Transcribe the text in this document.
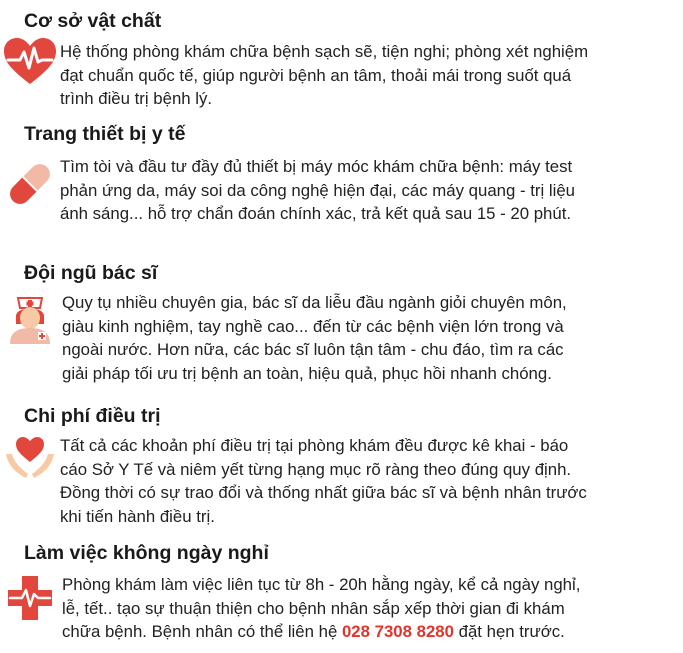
Cơ sở vật chất
Hệ thống phòng khám chữa bệnh sạch sẽ, tiện nghi; phòng xét nghiệm
đạt chuẩn quốc tế, giúp người bệnh an tâm, thoải mái trong suốt quá
trình điều trị bệnh lý.
Trang thiết bị y tế
Tìm tòi và đầu tư đầy đủ thiết bị máy móc khám chữa bệnh: máy test
phản ứng da, máy soi da công nghệ hiện đại, các máy quang - trị liệu
ánh sáng... hỗ trợ chẩn đoán chính xác, trả kết quả sau 15 - 20 phút.
Đội ngũ bác sĩ
Quy tụ nhiều chuyên gia, bác sĩ da liễu đầu ngành giỏi chuyên môn,
giàu kinh nghiệm, tay nghề cao... đến từ các bệnh viện lớn trong và
ngoài nước. Hơn nữa, các bác sĩ luôn tận tâm - chu đáo, tìm ra các
giải pháp tối ưu trị bệnh an toàn, hiệu quả, phục hồi nhanh chóng.
Chi phí điều trị
Tất cả các khoản phí điều trị tại phòng khám đều được kê khai - báo
cáo Sở Y Tế và niêm yết từng hạng mục rõ ràng theo đúng quy định.
Đồng thời có sự trao đổi và thống nhất giữa bác sĩ và bệnh nhân trước
khi tiến hành điều trị.
Làm việc không ngày nghỉ
Phòng khám làm việc liên tục từ 8h - 20h hằng ngày, kể cả ngày nghỉ,
lễ, tết.. tạo sự thuận thiện cho bệnh nhân sắp xếp thời gian đi khám
chữa bệnh. Bệnh nhân có thể liên hệ 028 7308 8280 đặt hẹn trước.
